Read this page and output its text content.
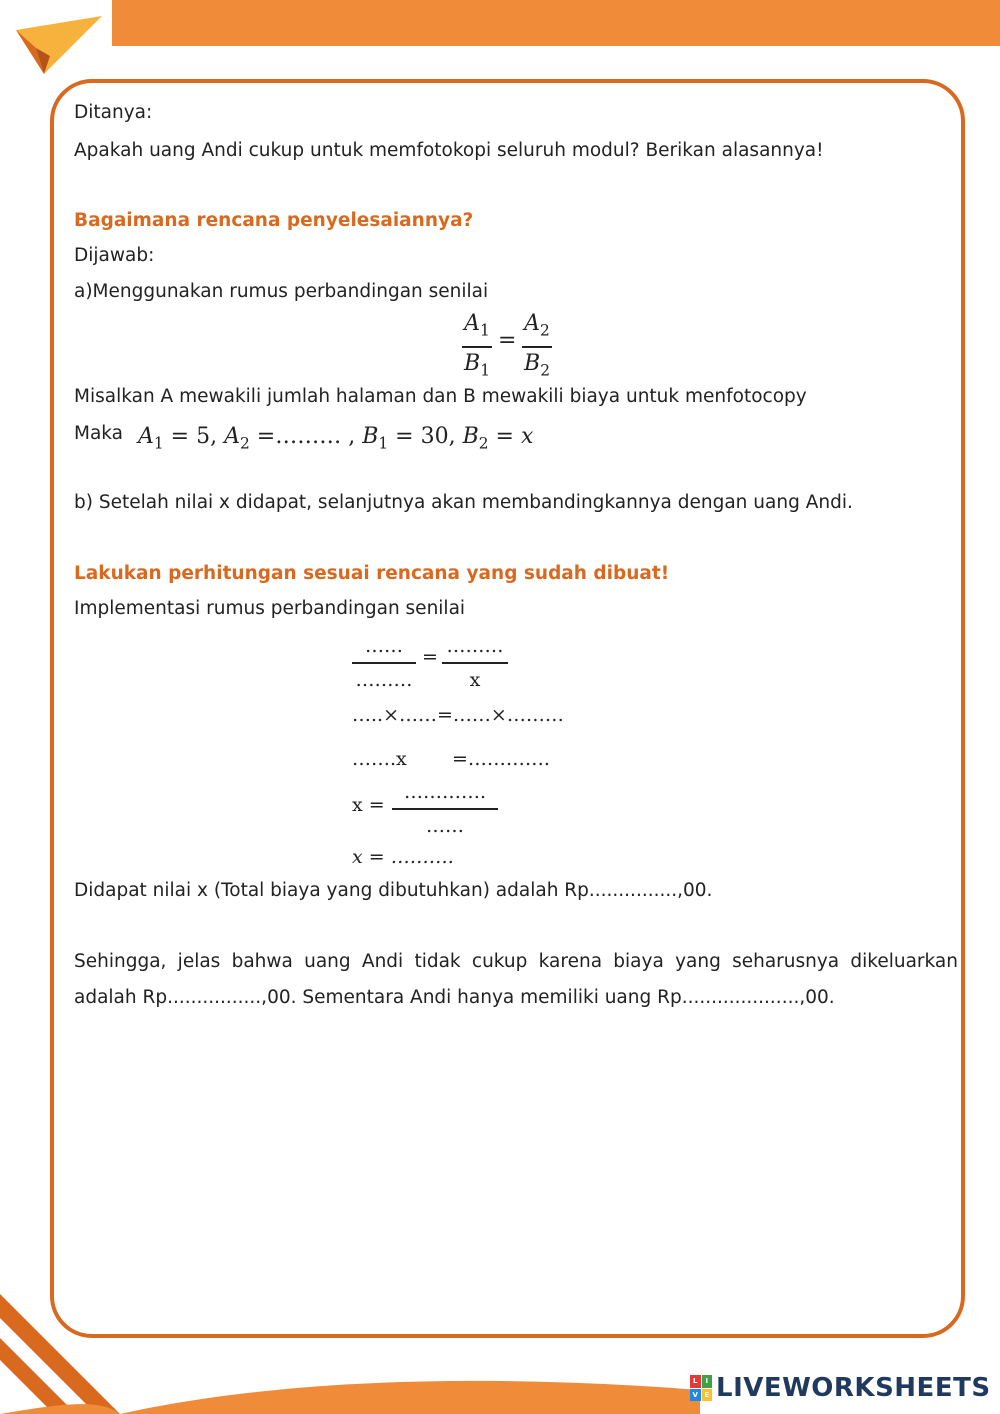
Ditanya:

Apakah uang Andi cukup untuk memfotokopi seluruh modul? Berikan alasannya!

Bagaimana rencana penyelesaiannya?

Dijawab:

a)Menggunakan rumus perbandingan senilai

$A_1$
$B_1$
=
$A_2$
$B_2$

Misalkan A mewakili jumlah halaman dan B mewakili biaya untuk menfotocopy

Maka $A_1 = 5$, $A_2$ =……… , $B_1 = 30$, $B_2 = x$

b) Setelah nilai x didapat, selanjutnya akan membandingkannya dengan uang Andi.

Lakukan perhitungan sesuai rencana yang sudah dibuat!

Implementasi rumus perbandingan senilai

……
………
= ………
x
…..×……=……×………
…….x =………….
x =
………….
……
x = ……….

Didapat nilai x (Total biaya yang dibutuhkan) adalah Rp...............,00.

Sehingga, jelas bahwa uang Andi tidak cukup karena biaya yang seharusnya dikeluarkan

adalah Rp................,00. Sementara Andi hanya memiliki uang Rp....................,00.

L	I
V E LIVEWORKSHEETS
